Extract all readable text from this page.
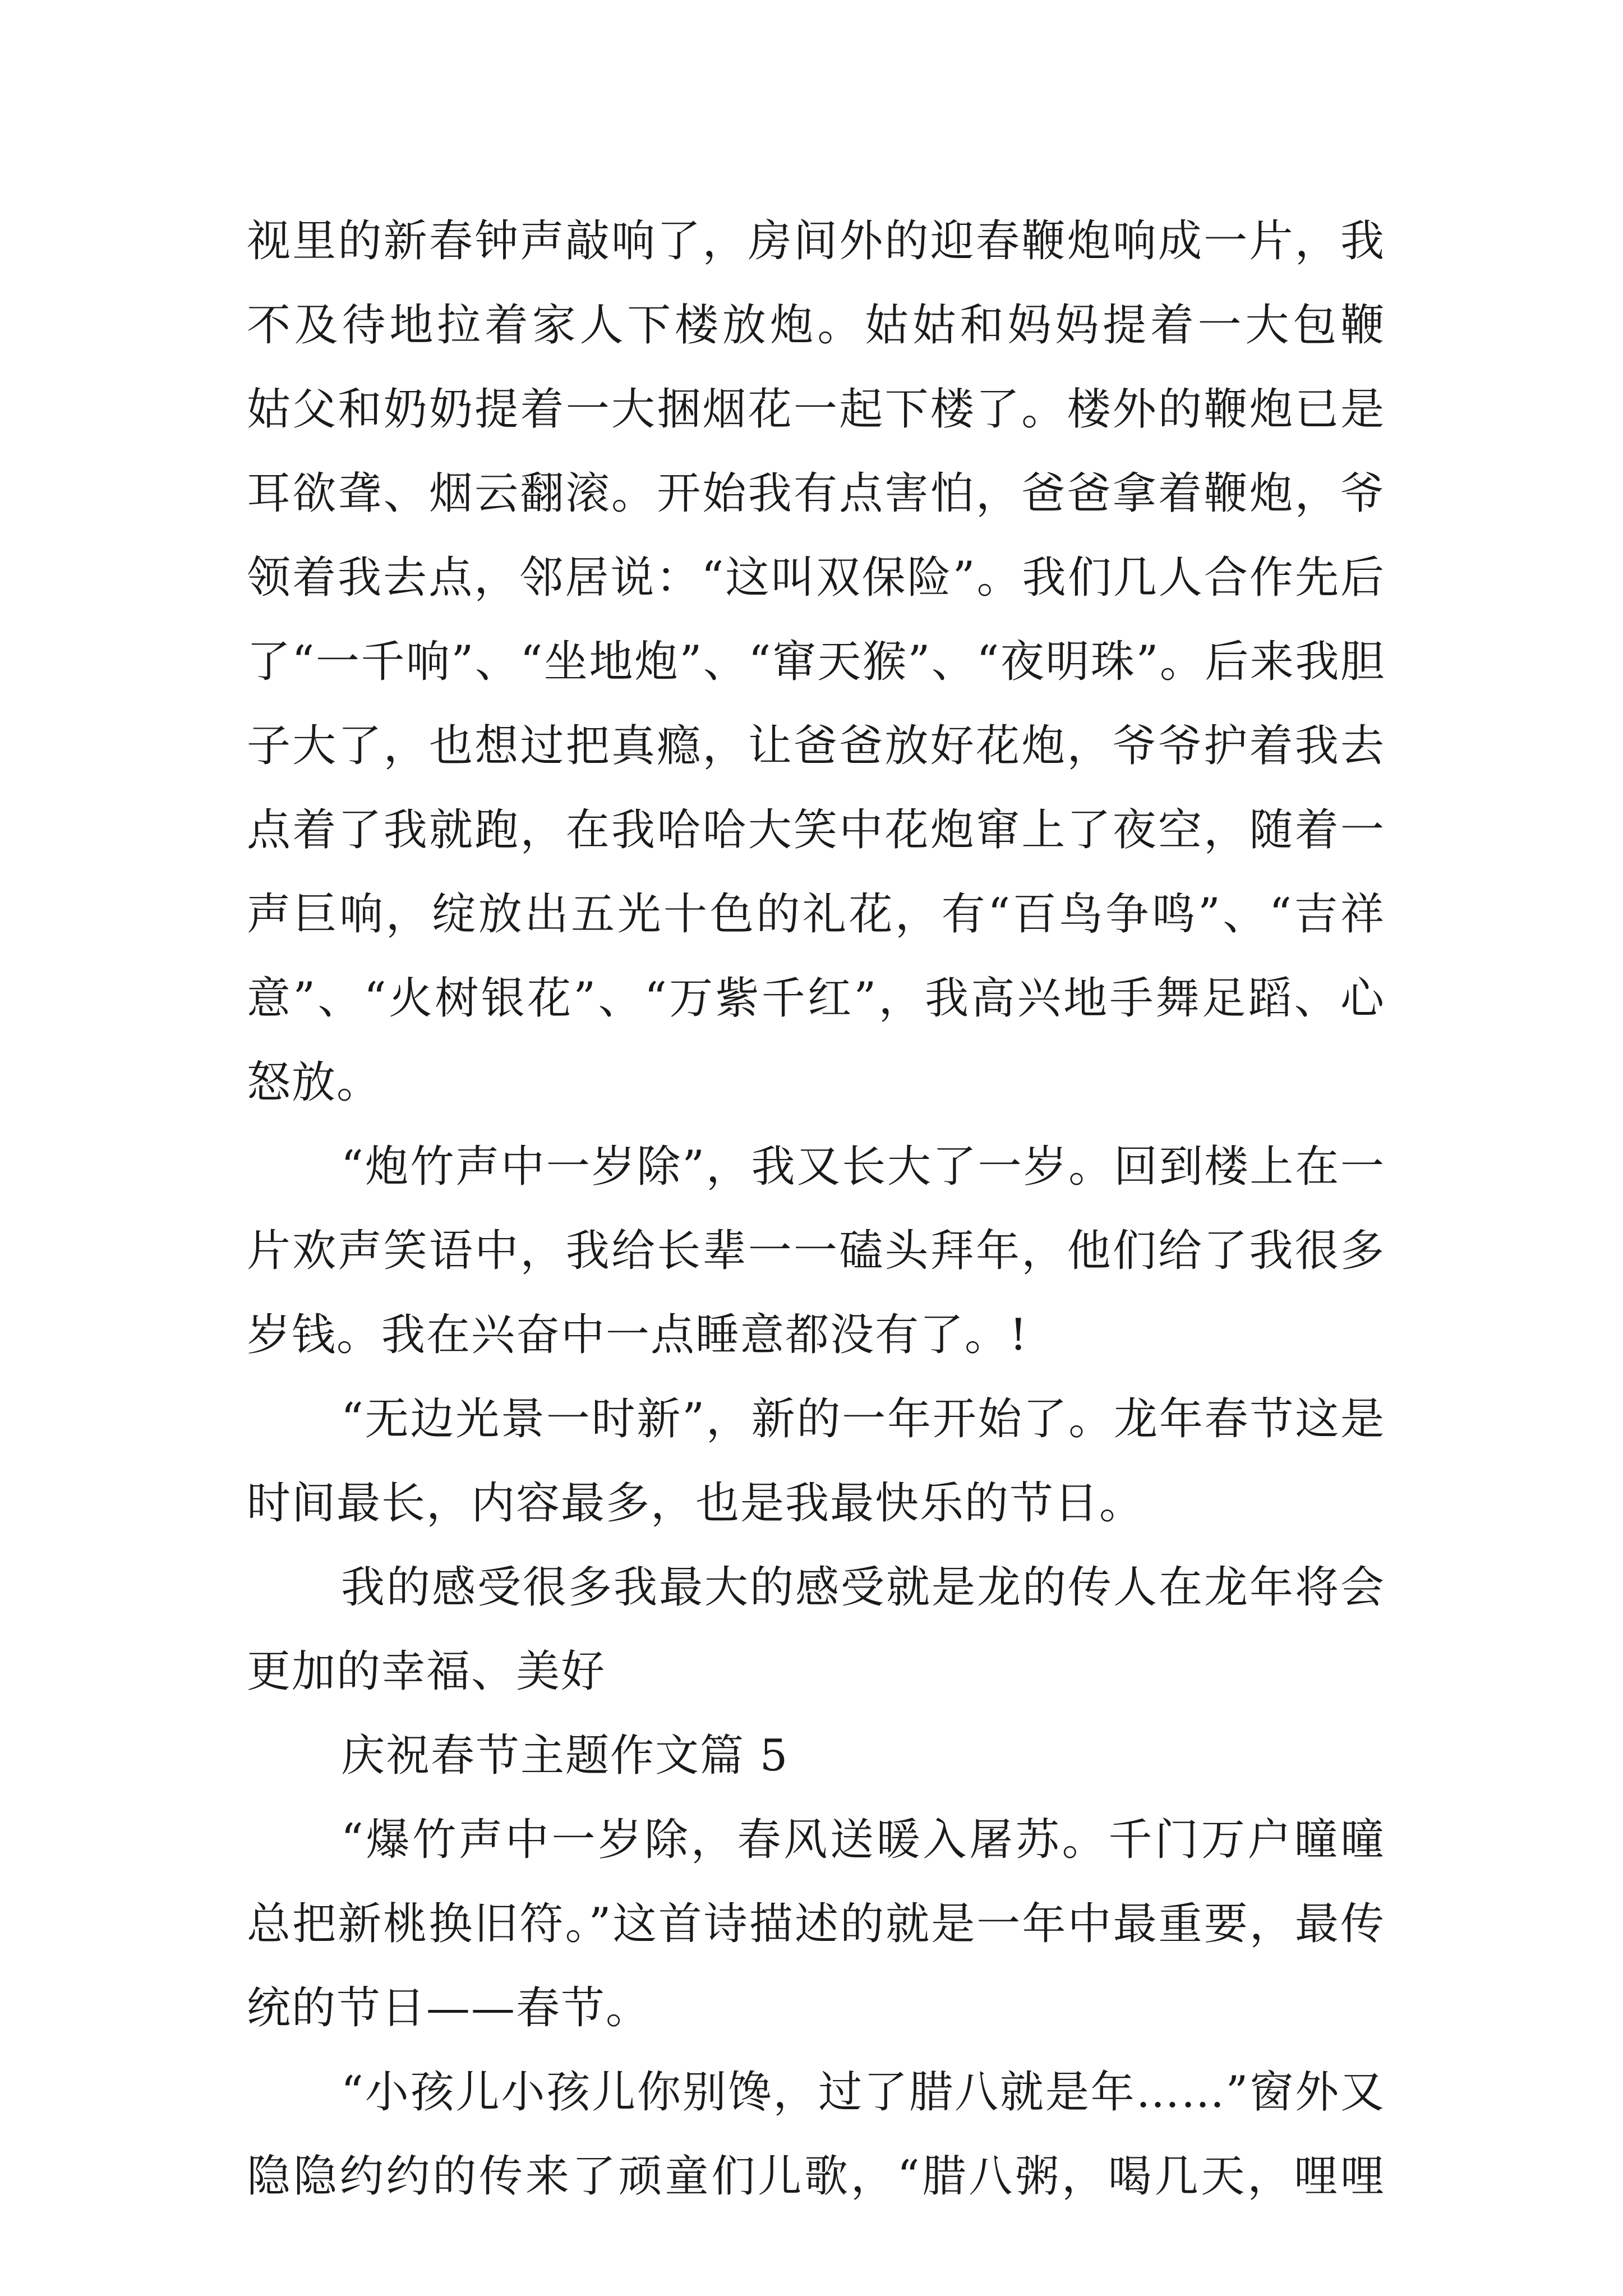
视里的新春钟声敲响了，房间外的迎春鞭炮响成一片，我
不及待地拉着家人下楼放炮。姑姑和妈妈提着一大包鞭
姑父和奶奶提着一大捆烟花一起下楼了。楼外的鞭炮已是
耳欲聋、烟云翻滚。开始我有点害怕，爸爸拿着鞭炮，爷
领着我去点，邻居说：“这叫双保险”。我们几人合作先后
了“一千响”、“坐地炮”、“窜天猴”、“夜明珠”。后来我胆
子大了，也想过把真瘾，让爸爸放好花炮，爷爷护着我去
点着了我就跑，在我哈哈大笑中花炮窜上了夜空，随着一
声巨响，绽放出五光十色的礼花，有“百鸟争鸣”、“吉祥
意”、“火树银花”、“万紫千红”，我高兴地手舞足蹈、心
怒放。
“炮竹声中一岁除”，我又长大了一岁。回到楼上在一
片欢声笑语中，我给长辈一一磕头拜年，他们给了我很多
岁钱。我在兴奋中一点睡意都没有了。!
“无边光景一时新”，新的一年开始了。龙年春节这是
时间最长，内容最多，也是我最快乐的节日。
我的感受很多我最大的感受就是龙的传人在龙年将会
更加的幸福、美好
庆祝春节主题作文篇 5
“爆竹声中一岁除，春风送暖入屠苏。千门万户曈曈
总把新桃换旧符。”这首诗描述的就是一年中最重要，最传
统的节日——春节。
“小孩儿小孩儿你别馋，过了腊八就是年……”窗外又
隐隐约约的传来了顽童们儿歌，“腊八粥，喝几天，哩哩
